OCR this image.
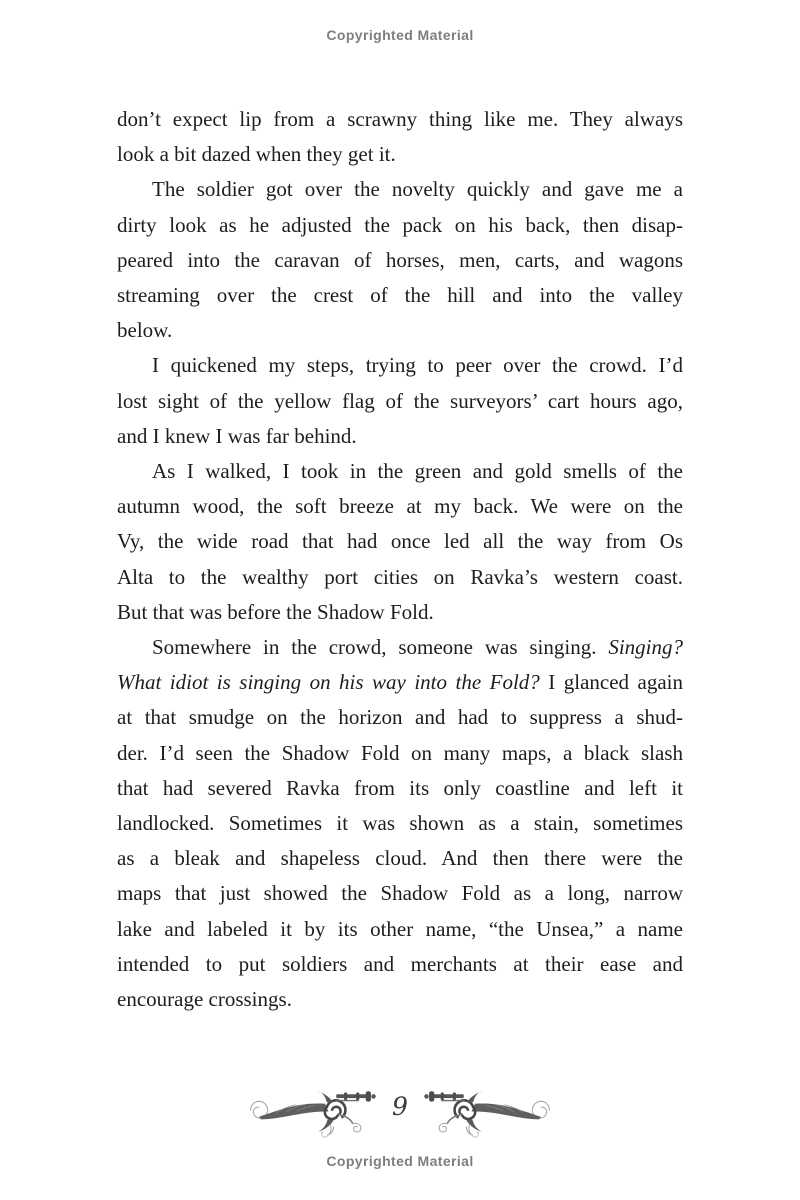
Copyrighted Material
don’t expect lip from a scrawny thing like me. They always
look a bit dazed when they get it.
The soldier got over the novelty quickly and gave me a
dirty look as he adjusted the pack on his back, then disap-
peared into the caravan of horses, men, carts, and wagons
streaming over the crest of the hill and into the valley
below.
I quickened my steps, trying to peer over the crowd. I’d
lost sight of the yellow flag of the surveyors’ cart hours ago,
and I knew I was far behind.
As I walked, I took in the green and gold smells of the
autumn wood, the soft breeze at my back. We were on the
Vy, the wide road that had once led all the way from Os
Alta to the wealthy port cities on Ravka’s western coast.
But that was before the Shadow Fold.
Somewhere in the crowd, someone was singing. Singing?
What idiot is singing on his way into the Fold? I glanced again
at that smudge on the horizon and had to suppress a shud-
der. I’d seen the Shadow Fold on many maps, a black slash
that had severed Ravka from its only coastline and left it
landlocked. Sometimes it was shown as a stain, sometimes
as a bleak and shapeless cloud. And then there were the
maps that just showed the Shadow Fold as a long, narrow
lake and labeled it by its other name, “the Unsea,” a name
intended to put soldiers and merchants at their ease and
encourage crossings.
9
Copyrighted Material
